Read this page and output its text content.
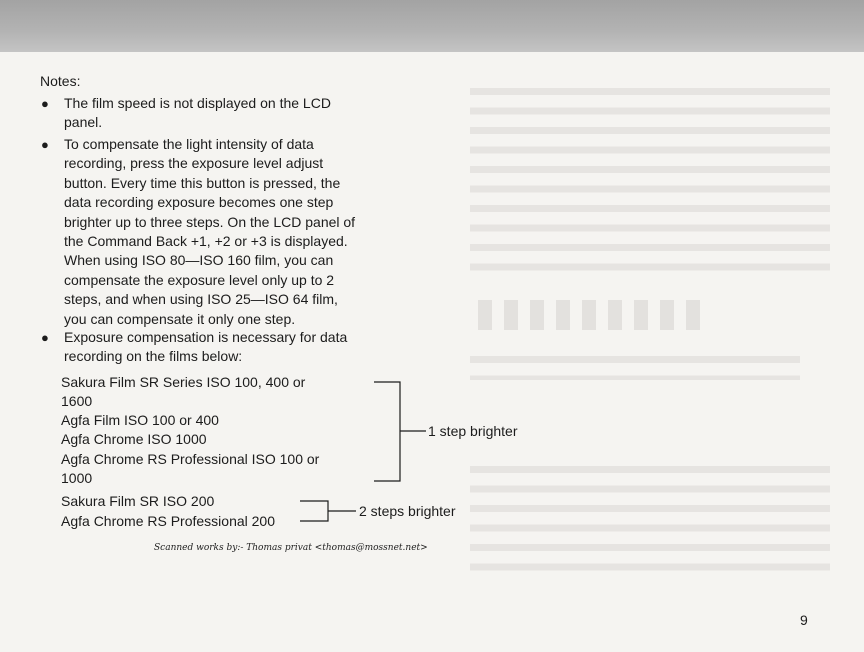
Notes:
● The film speed is not displayed on the LCD
panel.
● To compensate the light intensity of data
recording, press the exposure level adjust
button. Every time this button is pressed, the
data recording exposure becomes one step
brighter up to three steps. On the LCD panel of
the Command Back +1, +2 or +3 is displayed.
When using ISO 80—ISO 160 film, you can
compensate the exposure level only up to 2
steps, and when using ISO 25—ISO 64 film,
you can compensate it only one step.
● Exposure compensation is necessary for data
recording on the films below:
Sakura Film SR Series ISO 100, 400 or
1600
Agfa Film ISO 100 or 400
Agfa Chrome ISO 1000
Agfa Chrome RS Professional ISO 100 or
1000
Sakura Film SR ISO 200
Agfa Chrome RS Professional 200
1 step brighter
2 steps brighter
Scanned works by:- Thomas privat <thomas@mossnet.net>
9
